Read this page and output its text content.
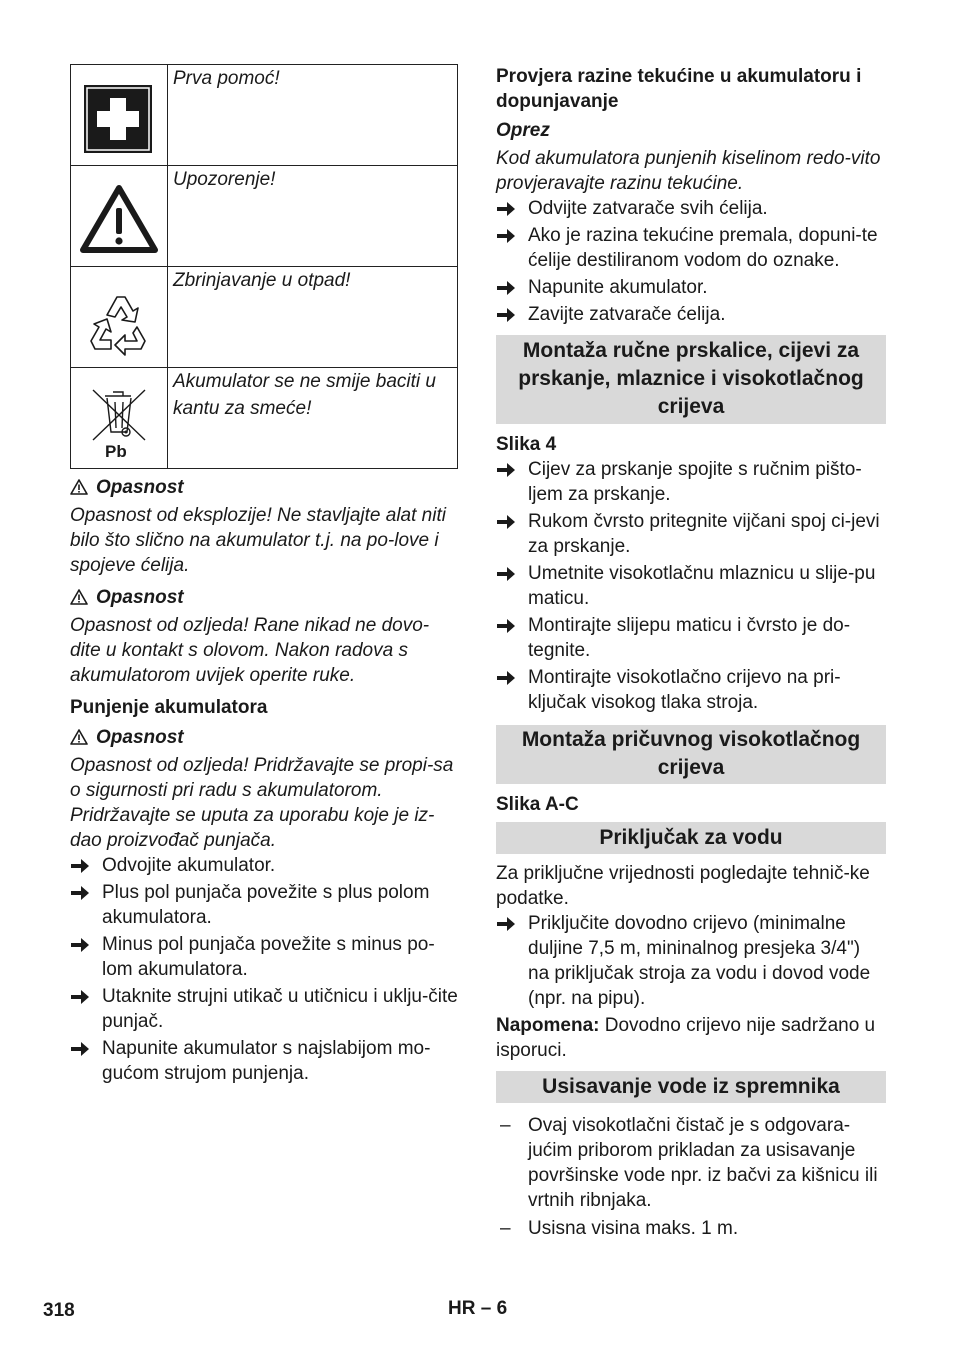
	Prva pomoć!

	Upozorenje!

	Zbrinjavanje u otpad!

Pb	Akumulator se ne smije baciti u kantu za smeće!

Opasnost

Opasnost od eksplozije! Ne stavljajte alat niti bilo što slično na akumulator t.j. na po-love i spojeve ćelija.

Opasnost

Opasnost od ozljeda! Rane nikad ne dovo-dite u kontakt s olovom. Nakon radova s akumulatorom uvijek operite ruke.

Punjenje akumulatora

Opasnost

Opasnost od ozljeda! Pridržavajte se propi-sa o sigurnosti pri radu s akumulatorom. Pridržavajte se uputa za uporabu koje je iz-dao proizvođač punjača.

Odvojite akumulator.
Plus pol punjača povežite s plus polom akumulatora.
Minus pol punjača povežite s minus po-lom akumulatora.
Utaknite strujni utikač u utičnicu i uklju-čite punjač.
Napunite akumulator s najslabijom mo-gućom strujom punjenja.

Provjera razine tekućine u akumulatoru i dopunjavanje

Oprez

Kod akumulatora punjenih kiselinom redo-vito provjeravajte razinu tekućine.

Odvijte zatvarače svih ćelija.
Ako je razina tekućine premala, dopuni-te ćelije destiliranom vodom do oznake.
Napunite akumulator.
Zavijte zatvarače ćelija.
Montaža ručne prskalice, cijevi za prskanje, mlaznice i visokotlačnog crijeva

Slika 4

Cijev za prskanje spojite s ručnim pišto-ljem za prskanje.
Rukom čvrsto pritegnite vijčani spoj ci-jevi za prskanje.
Umetnite visokotlačnu mlaznicu u slije-pu maticu.
Montirajte slijepu maticu i čvrsto je do-tegnite.
Montirajte visokotlačno crijevo na pri-ključak visokog tlaka stroja.
Montaža pričuvnog visokotlačnog crijeva

Slika A-C

Priključak za vodu

Za priključne vrijednosti pogledajte tehnič-ke podatke.

Priključite dovodno crijevo (minimalne duljine 7,5 m, mininalnog presjeka 3/4") na priključak stroja za vodu i dovod vode (npr. na pipu).

Napomena: Dovodno crijevo nije sadržano u isporuci.

Usisavanje vode iz spremnika
– Ovaj visokotlačni čistač je s odgovara-jućim priborom prikladan za usisavanje površinske vode npr. iz bačvi za kišnicu ili vrtnih ribnjaka.
– Usisna visina maks. 1 m.
318	HR – 6
